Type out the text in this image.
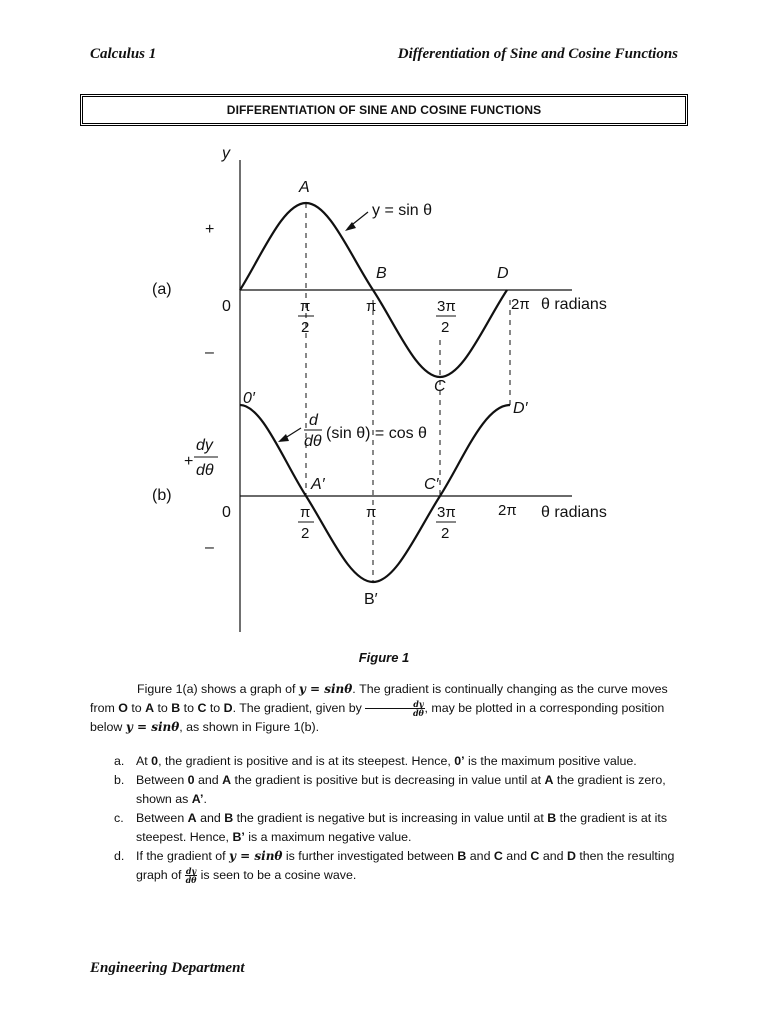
Calculus 1	Differentiation of Sine and Cosine Functions
DIFFERENTIATION OF SINE AND COSINE FUNCTIONS
y
(a)
0
+
–
A
B
C
D
y = sin θ
π
2
π	3π
2
2π θ radians
(b)
0
+
dy
dθ
–
0′
A′
B′
C′
D′
d
dθ (sin θ) = cos θ
π
2
π	3π
2
2π θ radians
Figure 1
Figure 1(a) shows a graph of y = sinθ. The gradient is continually changing as the curve moves from O to A to B to C to D. The gradient, given by $\frac{dy}{d\theta}$ , may be plotted in a corresponding position below y = sinθ, as shown in Figure 1(b).
a. At 0, the gradient is positive and is at its steepest. Hence, 0’ is the maximum positive value.
b. Between 0 and A the gradient is positive but is decreasing in value until at A the gradient is zero, shown as A’.
c. Between A and B the gradient is negative but is increasing in value until at B the gradient is at its steepest. Hence, B’ is a maximum negative value.
d. If the gradient of y = sinθ is further investigated between B and C and C and D then the resulting graph of $\frac{dy}{d\theta}$ is seen to be a cosine wave.
Engineering Department
